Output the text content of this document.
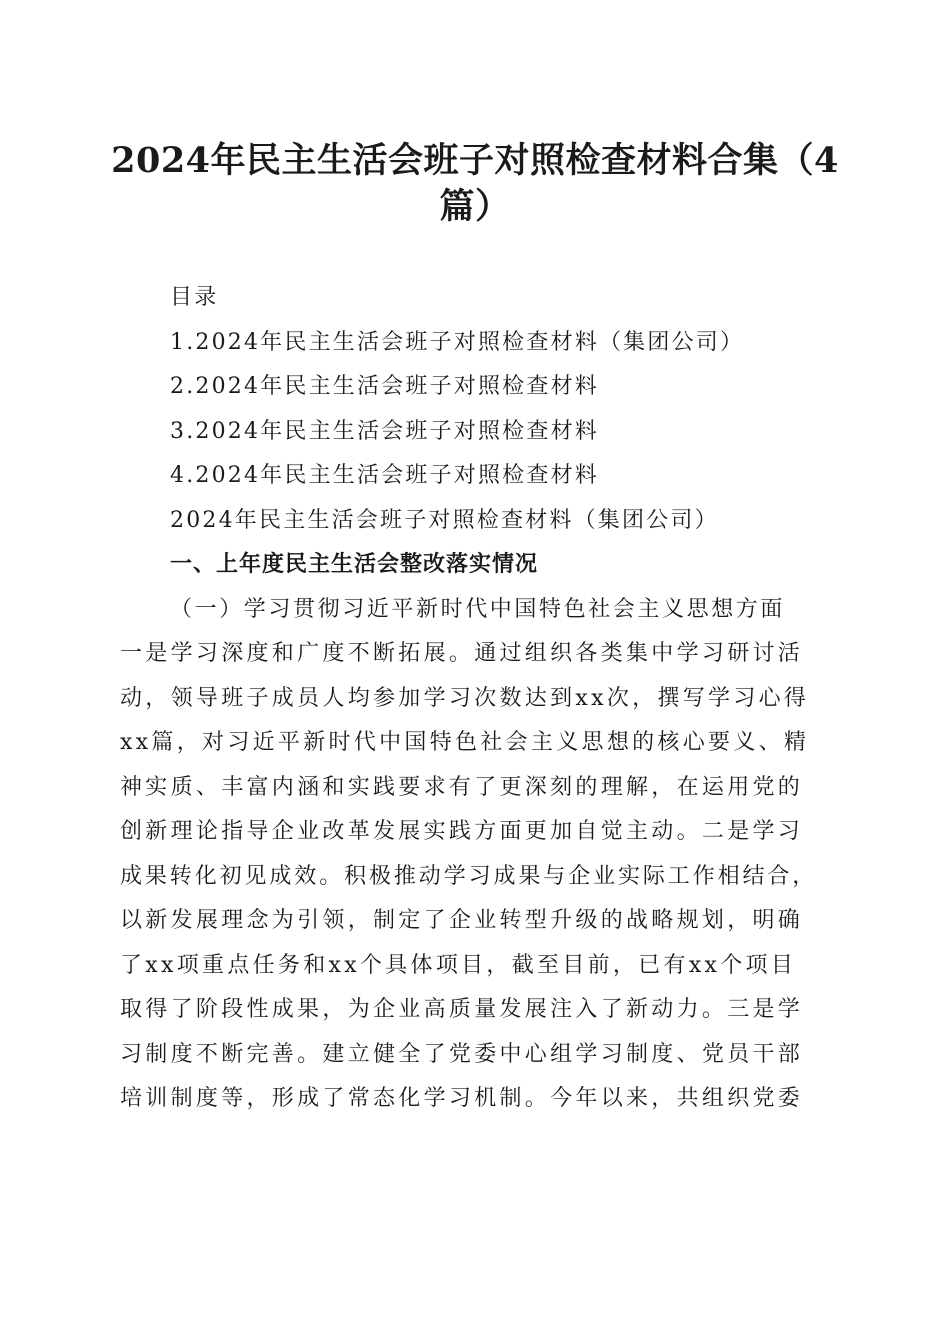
2024年民主生活会班子对照检查材料合集（4
篇）
目录
1.2024年民主生活会班子对照检查材料（集团公司）
2.2024年民主生活会班子对照检查材料
3.2024年民主生活会班子对照检查材料
4.2024年民主生活会班子对照检查材料
2024年民主生活会班子对照检查材料（集团公司）
一、上年度民主生活会整改落实情况
（一）学习贯彻习近平新时代中国特色社会主义思想方面
一是学习深度和广度不断拓展。通过组织各类集中学习研讨活
动，领导班子成员人均参加学习次数达到xx次，撰写学习心得
xx篇，对习近平新时代中国特色社会主义思想的核心要义、精
神实质、丰富内涵和实践要求有了更深刻的理解，在运用党的
创新理论指导企业改革发展实践方面更加自觉主动。二是学习
成果转化初见成效。积极推动学习成果与企业实际工作相结合，
以新发展理念为引领，制定了企业转型升级的战略规划，明确
了xx项重点任务和xx个具体项目，截至目前，已有xx个项目
取得了阶段性成果，为企业高质量发展注入了新动力。三是学
习制度不断完善。建立健全了党委中心组学习制度、党员干部
培训制度等，形成了常态化学习机制。今年以来，共组织党委
